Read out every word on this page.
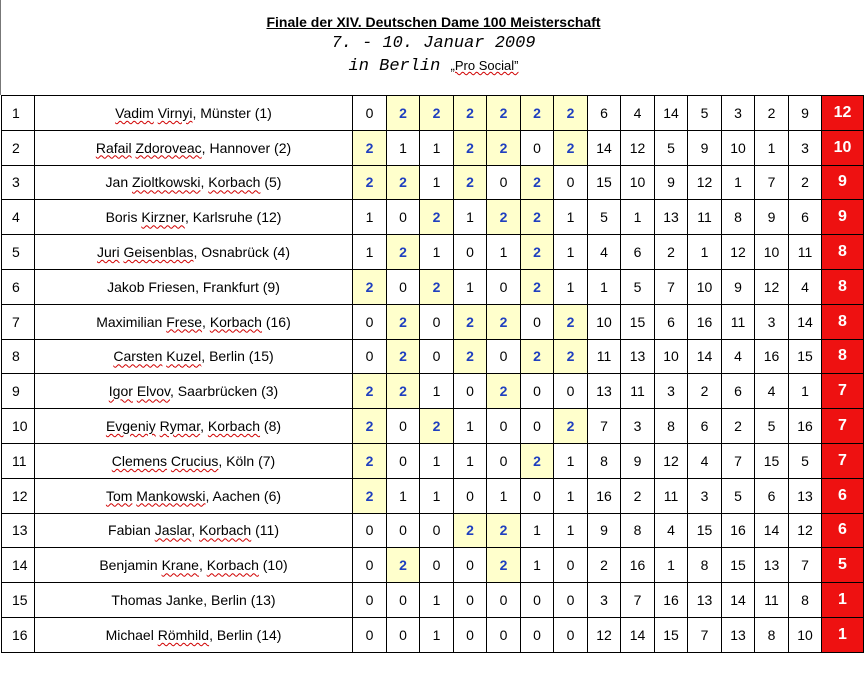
Finale der XIV. Deutschen Dame 100 Meisterschaft
7. - 10. Januar 2009
in Berlin „Pro Social”
1	Vadim Virnyi, Münster (1)	0	2	2	2	2	2	2	6	4	14	5	3	2	9	12
2	Rafail Zdoroveac, Hannover (2)	2	1	1	2	2	0	2	14	12	5	9	10	1	3	10
3	Jan Zioltkowski, Korbach (5)	2	2	1	2	0	2	0	15	10	9	12	1	7	2	9
4	Boris Kirzner, Karlsruhe (12)	1	0	2	1	2	2	1	5	1	13	11	8	9	6	9
5	Juri Geisenblas, Osnabrück (4)	1	2	1	0	1	2	1	4	6	2	1	12	10	11	8
6	Jakob Friesen, Frankfurt (9)	2	0	2	1	0	2	1	1	5	7	10	9	12	4	8
7	Maximilian Frese, Korbach (16)	0	2	0	2	2	0	2	10	15	6	16	11	3	14	8
8	Carsten Kuzel, Berlin (15)	0	2	0	2	0	2	2	11	13	10	14	4	16	15	8
9	Igor Elvov, Saarbrücken (3)	2	2	1	0	2	0	0	13	11	3	2	6	4	1	7
10	Evgeniy Rymar, Korbach (8)	2	0	2	1	0	0	2	7	3	8	6	2	5	16	7
11	Clemens Crucius, Köln (7)	2	0	1	1	0	2	1	8	9	12	4	7	15	5	7
12	Tom Mankowski, Aachen (6)	2	1	1	0	1	0	1	16	2	11	3	5	6	13	6
13	Fabian Jaslar, Korbach (11)	0	0	0	2	2	1	1	9	8	4	15	16	14	12	6
14	Benjamin Krane, Korbach (10)	0	2	0	0	2	1	0	2	16	1	8	15	13	7	5
15	Thomas Janke, Berlin (13)	0	0	1	0	0	0	0	3	7	16	13	14	11	8	1
16	Michael Römhild, Berlin (14)	0	0	1	0	0	0	0	12	14	15	7	13	8	10	1
